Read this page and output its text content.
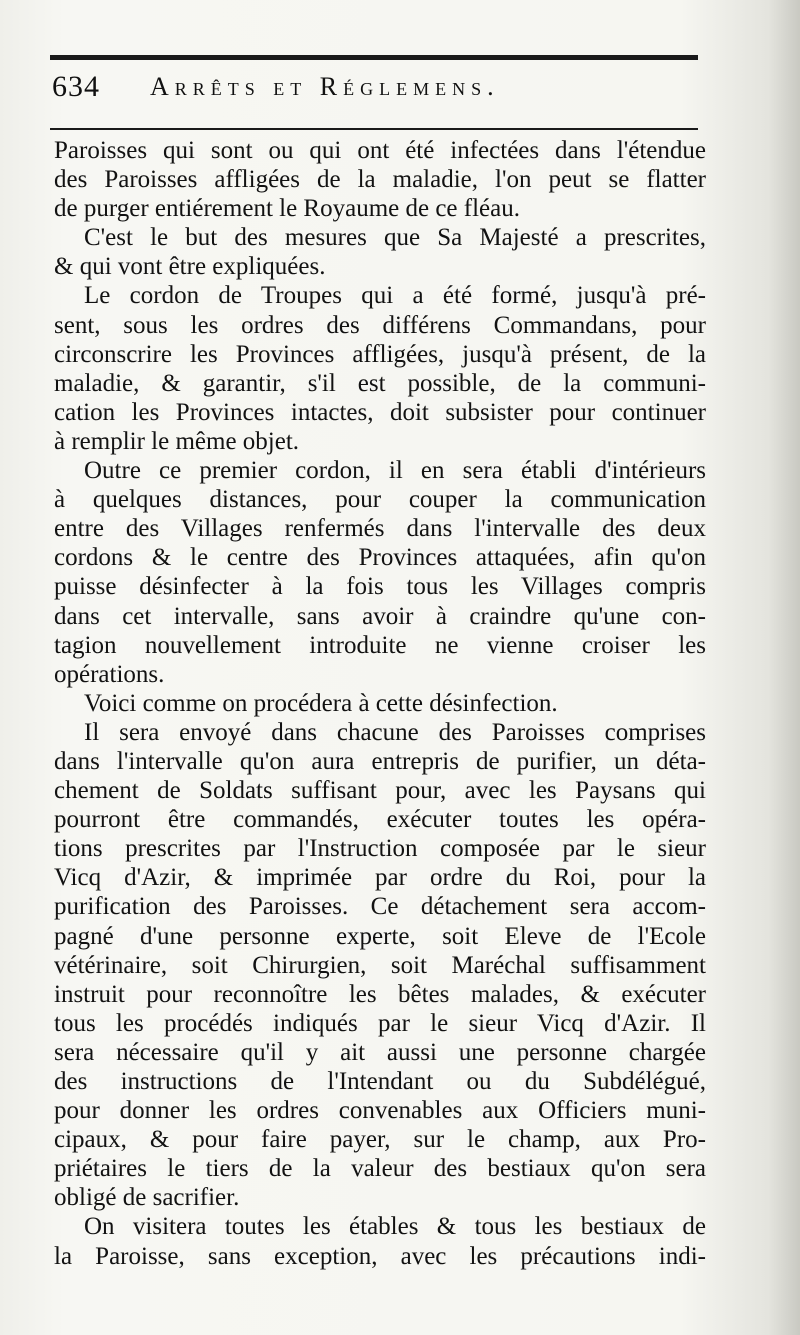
634 Arrêts et Réglemens.
Paroisses qui sont ou qui ont été infectées dans l'étendue
des Paroisses affligées de la maladie, l'on peut se flatter
de purger entiérement le Royaume de ce fléau.
C'est le but des mesures que Sa Majesté a prescrites,
& qui vont être expliquées.
Le cordon de Troupes qui a été formé, jusqu'à pré-
sent, sous les ordres des différens Commandans, pour
circonscrire les Provinces affligées, jusqu'à présent, de la
maladie, & garantir, s'il est possible, de la communi-
cation les Provinces intactes, doit subsister pour continuer
à remplir le même objet.
Outre ce premier cordon, il en sera établi d'intérieurs
à quelques distances, pour couper la communication
entre des Villages renfermés dans l'intervalle des deux
cordons & le centre des Provinces attaquées, afin qu'on
puisse désinfecter à la fois tous les Villages compris
dans cet intervalle, sans avoir à craindre qu'une con-
tagion nouvellement introduite ne vienne croiser les
opérations.
Voici comme on procédera à cette désinfection.
Il sera envoyé dans chacune des Paroisses comprises
dans l'intervalle qu'on aura entrepris de purifier, un déta-
chement de Soldats suffisant pour, avec les Paysans qui
pourront être commandés, exécuter toutes les opéra-
tions prescrites par l'Instruction composée par le sieur
Vicq d'Azir, & imprimée par ordre du Roi, pour la
purification des Paroisses. Ce détachement sera accom-
pagné d'une personne experte, soit Eleve de l'Ecole
vétérinaire, soit Chirurgien, soit Maréchal suffisamment
instruit pour reconnoître les bêtes malades, & exécuter
tous les procédés indiqués par le sieur Vicq d'Azir. Il
sera nécessaire qu'il y ait aussi une personne chargée
des instructions de l'Intendant ou du Subdélégué,
pour donner les ordres convenables aux Officiers muni-
cipaux, & pour faire payer, sur le champ, aux Pro-
priétaires le tiers de la valeur des bestiaux qu'on sera
obligé de sacrifier.
On visitera toutes les étables & tous les bestiaux de
la Paroisse, sans exception, avec les précautions indi-
